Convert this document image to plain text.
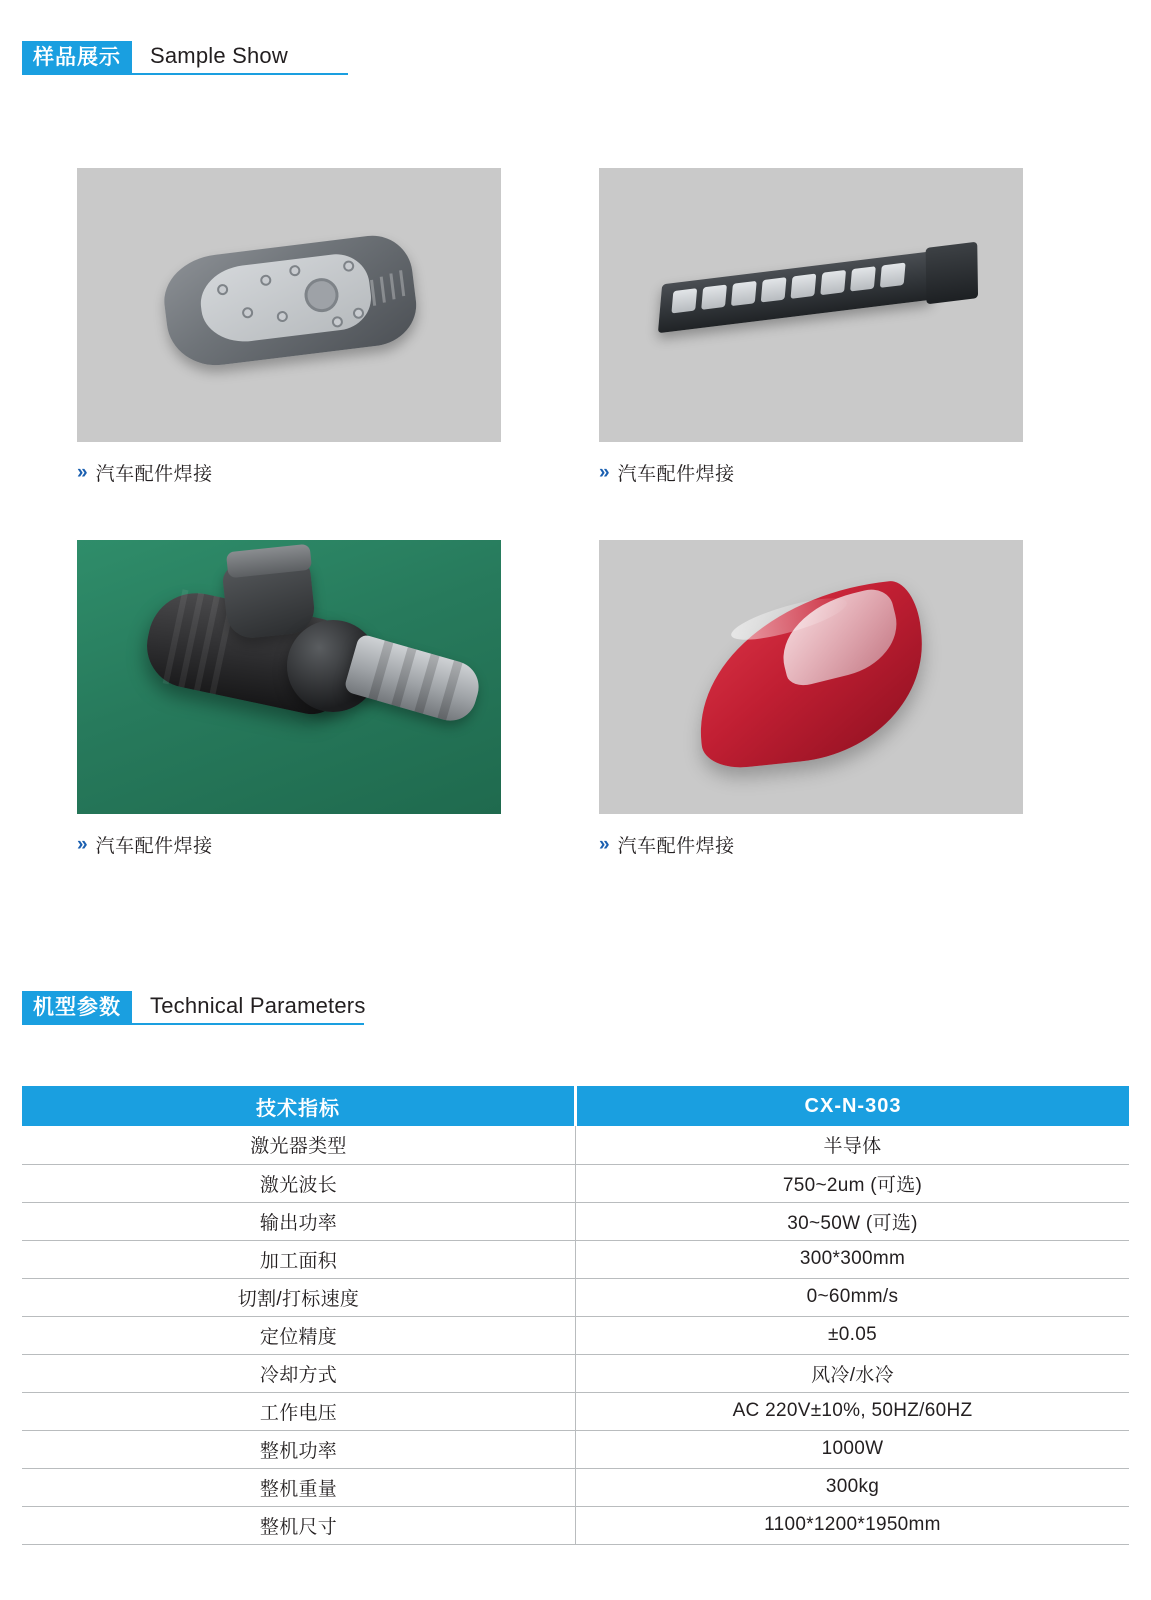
样品展示	Sample Show
» 汽车配件焊接	» 汽车配件焊接
» 汽车配件焊接	» 汽车配件焊接
机型参数	Technical Parameters
技术指标	CX-N-303
激光器类型	半导体
激光波长	750~2um (可选)
输出功率	30~50W (可选)
加工面积	300*300mm
切割/打标速度	0~60mm/s
定位精度	±0.05
冷却方式	风冷/水冷
工作电压	AC 220V±10%, 50HZ/60HZ
整机功率	1000W
整机重量	300kg
整机尺寸	1100*1200*1950mm
